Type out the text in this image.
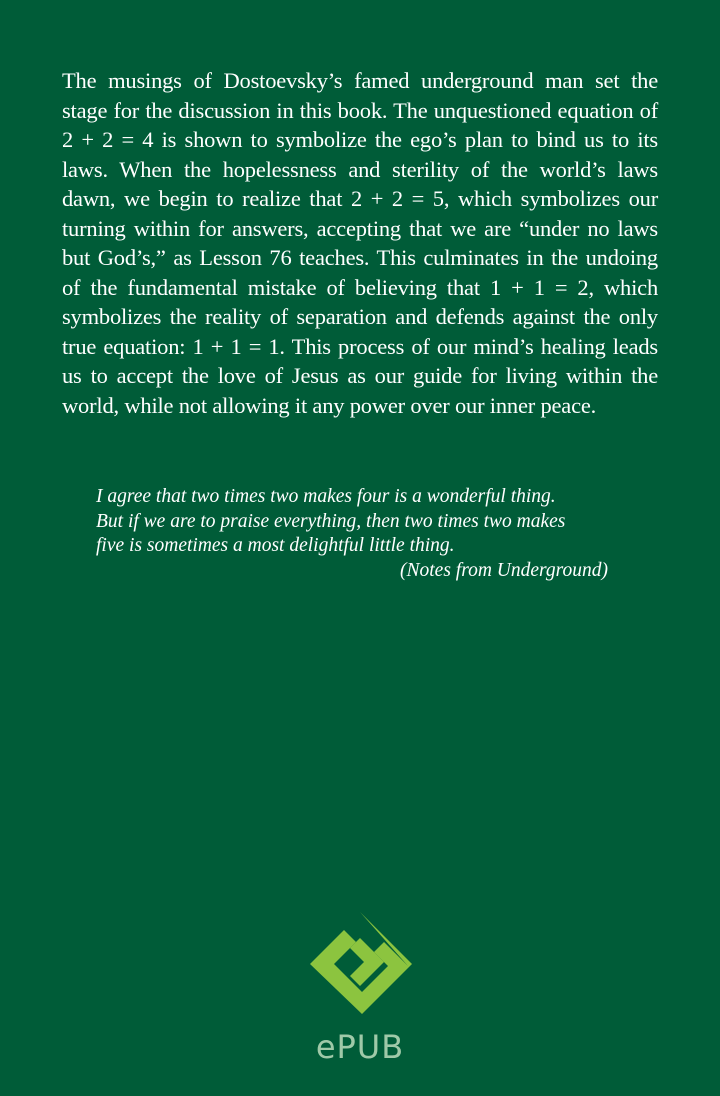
The musings of Dostoevsky’s famed underground man set the stage for the discussion in this book. The unquestioned equation of 2 + 2 = 4 is shown to symbolize the ego’s plan to bind us to its laws. When the hopelessness and sterility of the world’s laws dawn, we begin to realize that 2 + 2 = 5, which symbolizes our turning within for answers, accepting that we are “under no laws but God’s,” as Lesson 76 teaches. This culminates in the undoing of the fundamental mistake of believing that 1 + 1 = 2, which symbolizes the reality of separation and defends against the only true equation: 1 + 1 = 1. This process of our mind’s healing leads us to accept the love of Jesus as our guide for living within the world, while not allowing it any power over our inner peace.

I agree that two times two makes four is a wonderful thing.

But if we are to praise everything, then two times two makes

five is sometimes a most delightful little thing.

(Notes from Underground)

ePUB
